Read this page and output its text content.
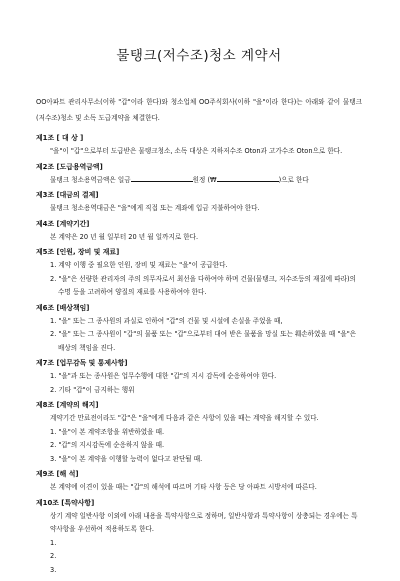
물탱크(저수조)청소 계약서
OO아파트 관리사무소(이하 "갑"이라 한다)와 청소업체 OO주식회사(이하 "을"이라 한다)는 아래와 같이 물탱크(저수조)청소 및 소독 도급계약을 체결한다.
제1조 [ 대 상 ]
"을"이 "갑"으로부터 도급받은 물탱크청소, 소독 대상은 지하저수조 Oton과 고가수조 Oton으로 한다.
제2조 [도급용역금액]
물탱크 청소용역금액은 일금	원정 (₩	)으로 한다
제3조 [대금의 결제]
물탱크 청소용역대금은 "을"에게 직접 또는 계좌에 입금 지불하여야 한다.
제4조 [계약기간]
본 계약은 20 년 월 일부터 20 년 월 일까지로 한다.
제5조 [인원, 장비 및 재료]
1. 계약 이행 중 필요한 인원, 장비 및 재료는 "을"이 공급한다.
2. "을"은 선량한 관리자의 주의 의무자로서 최선을 다하여야 하며 건물(물탱크, 저수조등의 재질에 따라)의 수명 등을 고려하여 양질의 재료를 사용하여야 한다.
제6조 [배상책임]
1. "을" 또는 그 종사원의 과실로 인하여 "갑"의 건물 및 시설에 손실을 주었을 때,
2. "을" 또는 그 종사원이 "갑"의 물품 또는 "갑"으로부터 대여 받은 물품을 망실 또는 훼손하였을 때 "을"은 배상의 책임을 진다.
제7조 [업무감독 및 통제사항]
1. "을"과 또는 종사원은 업무수행에 대한 "갑"의 지시 감독에 순응하여야 한다.
2. 기타 "갑"이 금지하는 행위
제8조 [계약의 해지]
계약기간 만료전이라도 "갑"은 "을"에게 다음과 같은 사항이 있을 때는 계약을 해지할 수 있다.
1. "을"이 본 계약조항을 위반하였을 때.
2. "갑"의 지시감독에 순응하지 않을 때.
3. "을"이 본 계약을 이행할 능력이 없다고 판단될 때.
제9조 [해 석]
본 계약에 이견이 있을 때는 "갑"의 해석에 따르며 기타 사항 등은 당 아파트 시방서에 따른다.
제10조 [특약사항]
상기 계약 일반사항 이외에 아래 내용을 특약사항으로 정하며, 일반사항과 특약사항이 상충되는 경우에는 특약사항을 우선하여 적용하도록 한다.
1.
2.
3.
